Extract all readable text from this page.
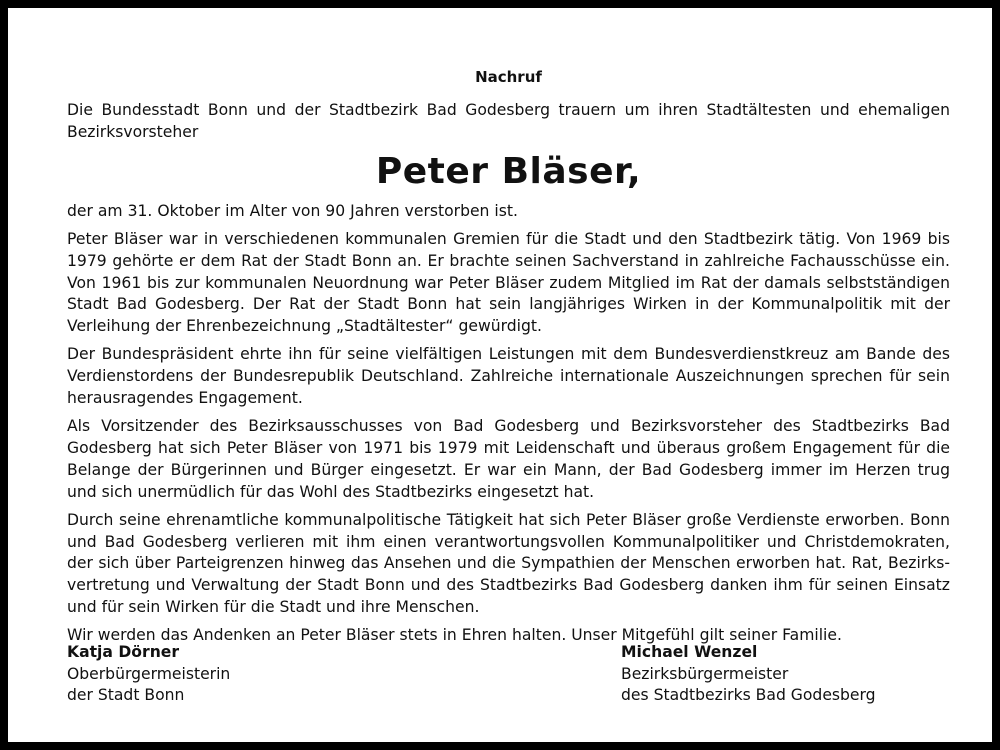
Nachruf

Die Bundesstadt Bonn und der Stadtbezirk Bad Godesberg trauern um ihren Stadtältesten und ehemaligen Bezirksvorsteher

Peter Bläser,

der am 31. Oktober im Alter von 90 Jahren verstorben ist.

Peter Bläser war in verschiedenen kommunalen Gremien für die Stadt und den Stadtbezirk tätig. Von 1969 bis 1979 gehörte er dem Rat der Stadt Bonn an. Er brachte seinen Sachverstand in zahlreiche Fachausschüsse ein. Von 1961 bis zur kommunalen Neuordnung war Peter Bläser zudem Mitglied im Rat der damals selbstständigen Stadt Bad Godesberg. Der Rat der Stadt Bonn hat sein langjähriges Wirken in der Kommunalpolitik mit der Verleihung der Ehrenbezeichnung „Stadtältester“ gewürdigt.

Der Bundespräsident ehrte ihn für seine vielfältigen Leistungen mit dem Bundesverdienstkreuz am Bande des Verdienstordens der Bundesrepublik Deutschland. Zahlreiche internationale Auszeichnungen sprechen für sein herausragendes Engagement.

Als Vorsitzender des Bezirksausschusses von Bad Godesberg und Bezirksvorsteher des Stadtbezirks Bad Godesberg hat sich Peter Bläser von 1971 bis 1979 mit Leidenschaft und überaus großem Engagement für die Belange der Bürgerinnen und Bürger eingesetzt. Er war ein Mann, der Bad Godesberg immer im Herzen trug und sich unermüdlich für das Wohl des Stadtbezirks eingesetzt hat.

Durch seine ehrenamtliche kommunalpolitische Tätigkeit hat sich Peter Bläser große Verdienste erworben. Bonn und Bad Godesberg verlieren mit ihm einen verantwortungsvollen Kommunalpolitiker und Christdemokraten, der sich über Parteigrenzen hinweg das Ansehen und die Sympathien der Menschen erworben hat. Rat, Bezirks-vertretung und Verwaltung der Stadt Bonn und des Stadtbezirks Bad Godesberg danken ihm für seinen Einsatz und für sein Wirken für die Stadt und ihre Menschen.

Wir werden das Andenken an Peter Bläser stets in Ehren halten. Unser Mitgefühl gilt seiner Familie.

Katja Dörner
Oberbürgermeisterin
der Stadt Bonn
Michael Wenzel
Bezirksbürgermeister
des Stadtbezirks Bad Godesberg
